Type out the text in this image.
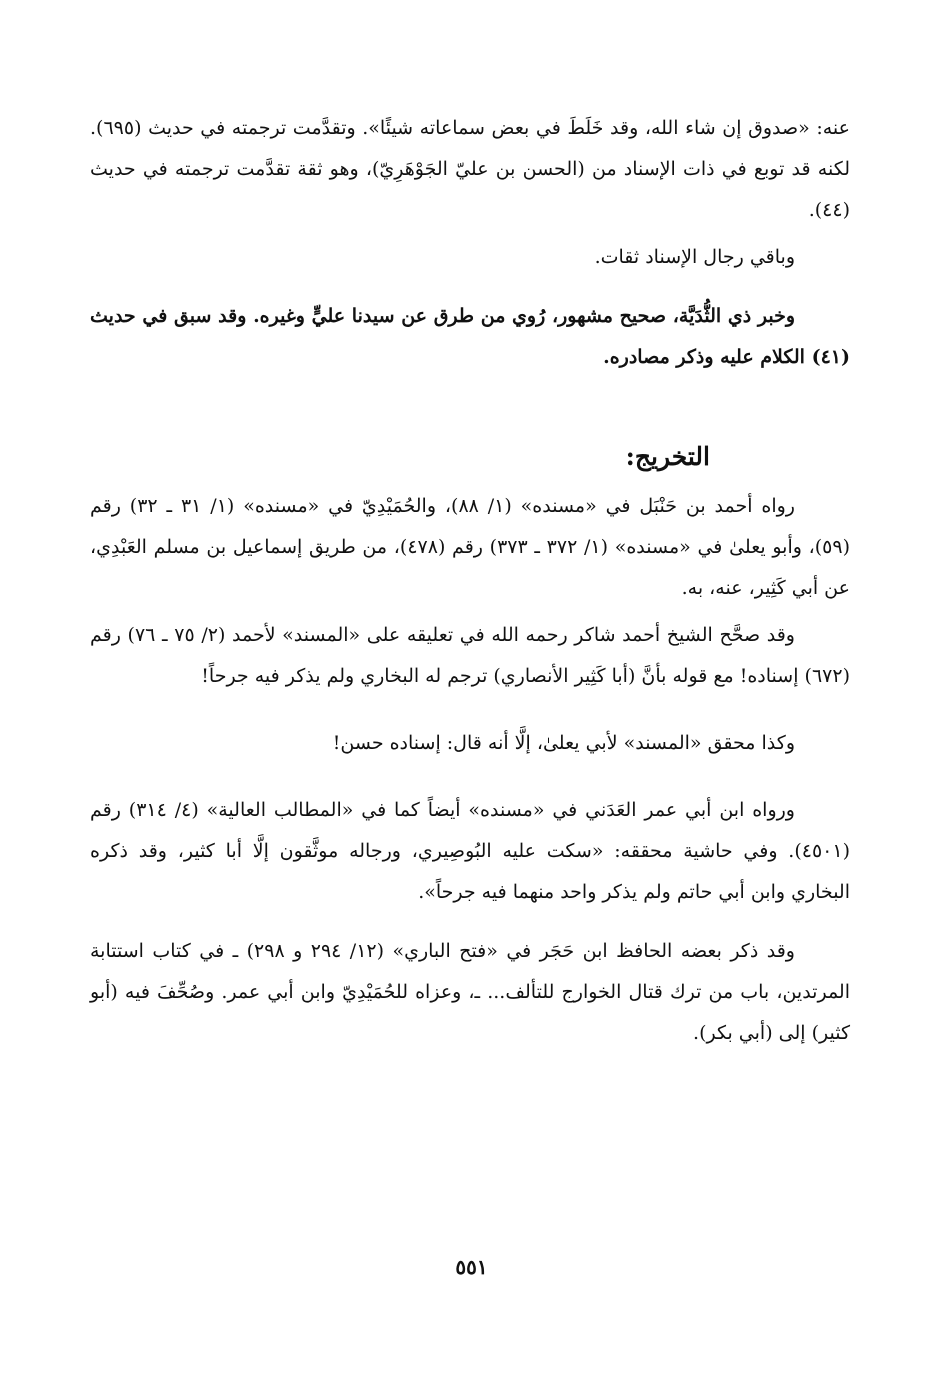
عنه: «صدوق إن شاء الله، وقد خَلَطَ في بعض سماعاته شيئًا». وتقدَّمت ترجمته في حديث (٦٩٥). لكنه قد توبع في ذات الإسناد من (الحسن بن عليّ الجَوْهَرِيّ)، وهو ثقة تقدَّمت ترجمته في حديث (٤٤).

وباقي رجال الإسناد ثقات.

وخبر ذي الثُّدَيَّة، صحيح مشهور، رُوي من طرق عن سيدنا عليٍّ وغيره. وقد سبق في حديث (٤١) الكلام عليه وذكر مصادره.

التخريج:

رواه أحمد بن حَنْبَل في «مسنده» (١/ ٨٨)، والحُمَيْدِيّ في «مسنده» (١/ ٣١ ـ ٣٢) رقم (٥٩)، وأبو يعلىٰ في «مسنده» (١/ ٣٧٢ ـ ٣٧٣) رقم (٤٧٨)، من طريق إسماعيل بن مسلم العَبْدِي، عن أبي كَثِير، عنه، به.

وقد صحَّح الشيخ أحمد شاكر رحمه الله في تعليقه على «المسند» لأحمد (٢/ ٧٥ ـ ٧٦) رقم (٦٧٢) إسناده! مع قوله بأنَّ (أبا كَثِير الأنصاري) ترجم له البخاري ولم يذكر فيه جرحاً!

وكذا محقق «المسند» لأبي يعلىٰ، إلَّا أنه قال: إسناده حسن!

ورواه ابن أبي عمر العَدَني في «مسنده» أيضاً كما في «المطالب العالية» (٤/ ٣١٤) رقم (٤٥٠١). وفي حاشية محققه: «سكت عليه البُوصِيري، ورجاله موثَّقون إلَّا أبا كثير، وقد ذكره البخاري وابن أبي حاتم ولم يذكر واحد منهما فيه جرحاً».

وقد ذكر بعضه الحافظ ابن حَجَر في «فتح الباري» (١٢/ ٢٩٤ و ٢٩٨) ـ في كتاب استتابة المرتدين، باب من ترك قتال الخوارج للتألف... ـ، وعزاه للحُمَيْدِيّ وابن أبي عمر. وصُحِّفَ فيه (أبو كثير) إلى (أبي بكر).

٥٥١
